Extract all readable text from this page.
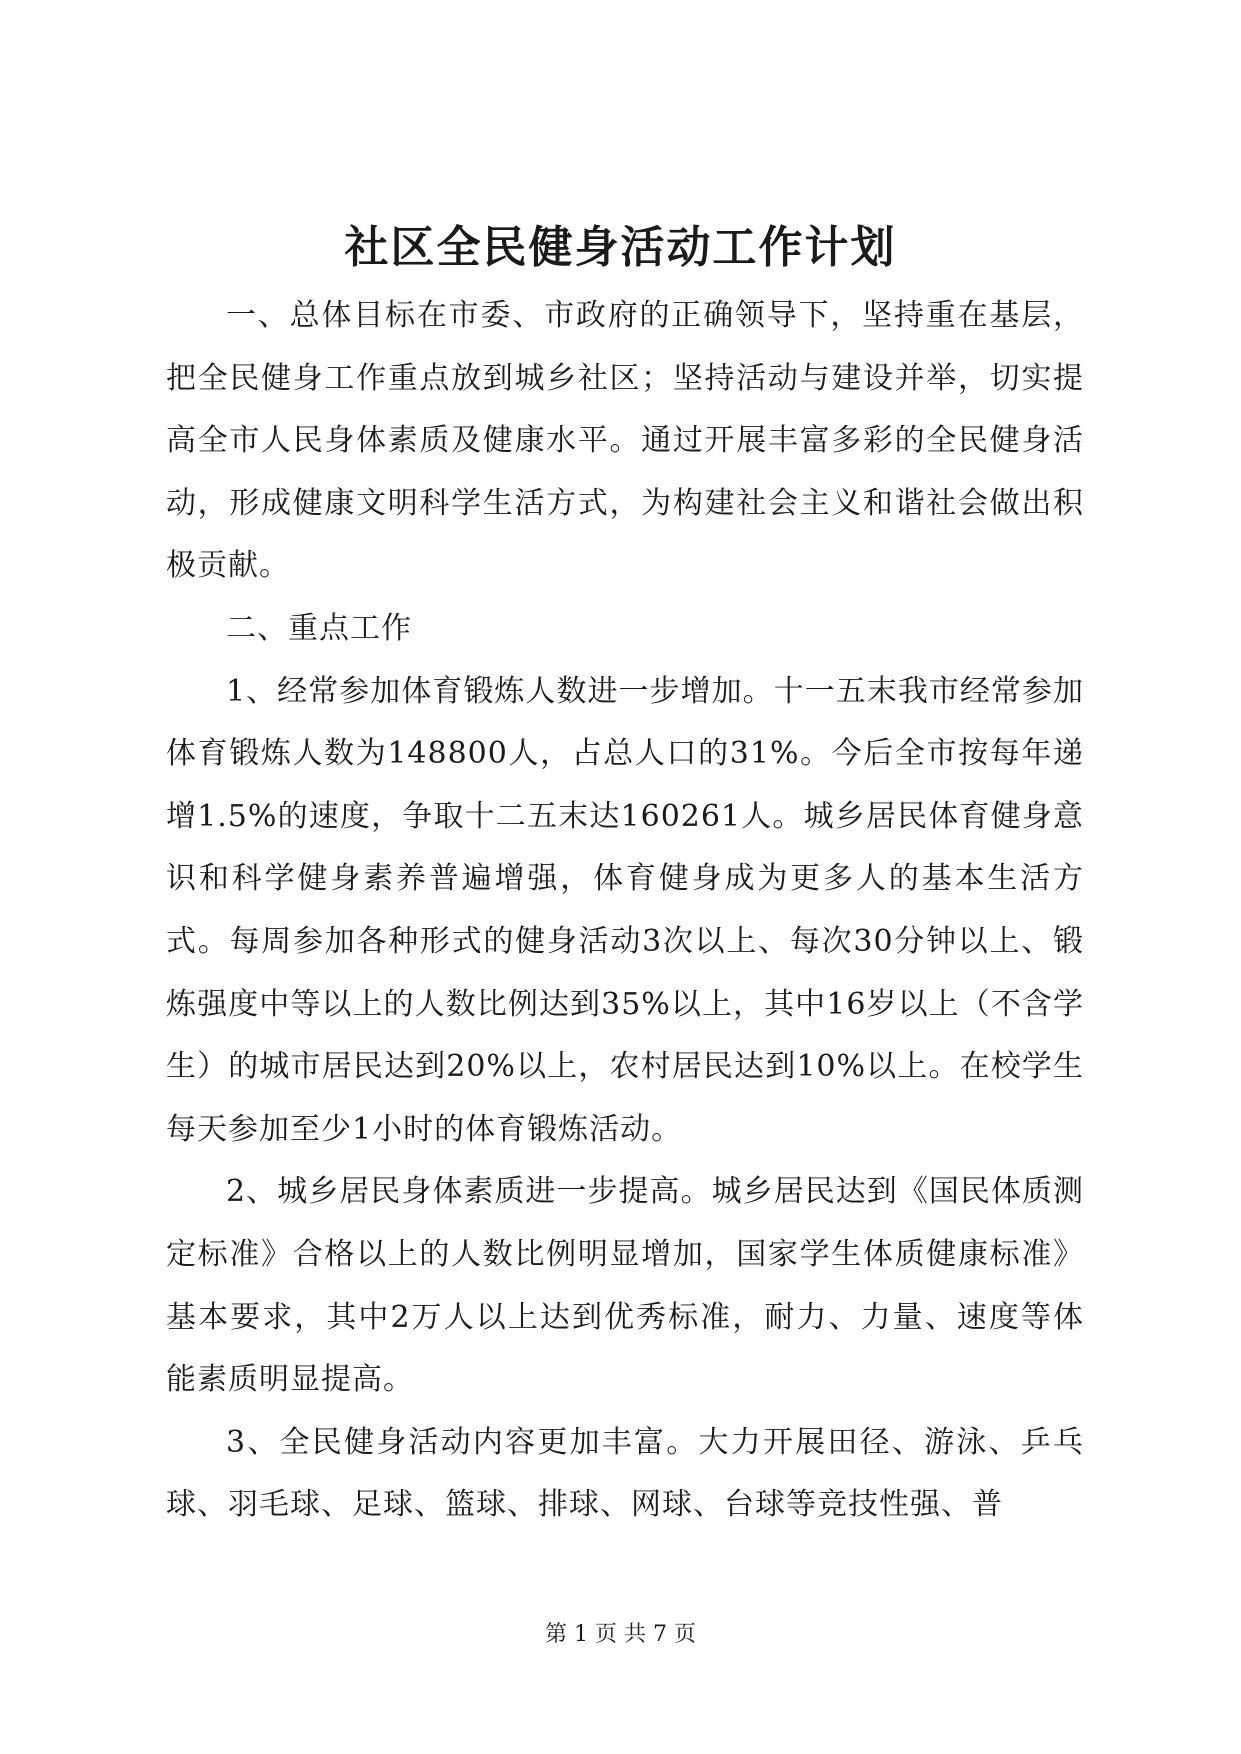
社区全民健身活动工作计划

一、总体目标在市委、市政府的正确领导下，坚持重在基层，把全民健身工作重点放到城乡社区；坚持活动与建设并举，切实提高全市人民身体素质及健康水平。通过开展丰富多彩的全民健身活动，形成健康文明科学生活方式，为构建社会主义和谐社会做出积极贡献。

二、重点工作

1、经常参加体育锻炼人数进一步增加。十一五末我市经常参加体育锻炼人数为148800人，占总人口的31%。今后全市按每年递增1.5%的速度，争取十二五末达160261人。城乡居民体育健身意识和科学健身素养普遍增强，体育健身成为更多人的基本生活方式。每周参加各种形式的健身活动3次以上、每次30分钟以上、锻炼强度中等以上的人数比例达到35%以上，其中16岁以上（不含学生）的城市居民达到20%以上，农村居民达到10%以上。在校学生每天参加至少1小时的体育锻炼活动。

2、城乡居民身体素质进一步提高。城乡居民达到《国民体质测定标准》合格以上的人数比例明显增加，国家学生体质健康标准》基本要求，其中2万人以上达到优秀标准，耐力、力量、速度等体能素质明显提高。

3、全民健身活动内容更加丰富。大力开展田径、游泳、乒乓球、羽毛球、足球、篮球、排球、网球、台球等竞技性强、普

第 1 页 共 7 页
